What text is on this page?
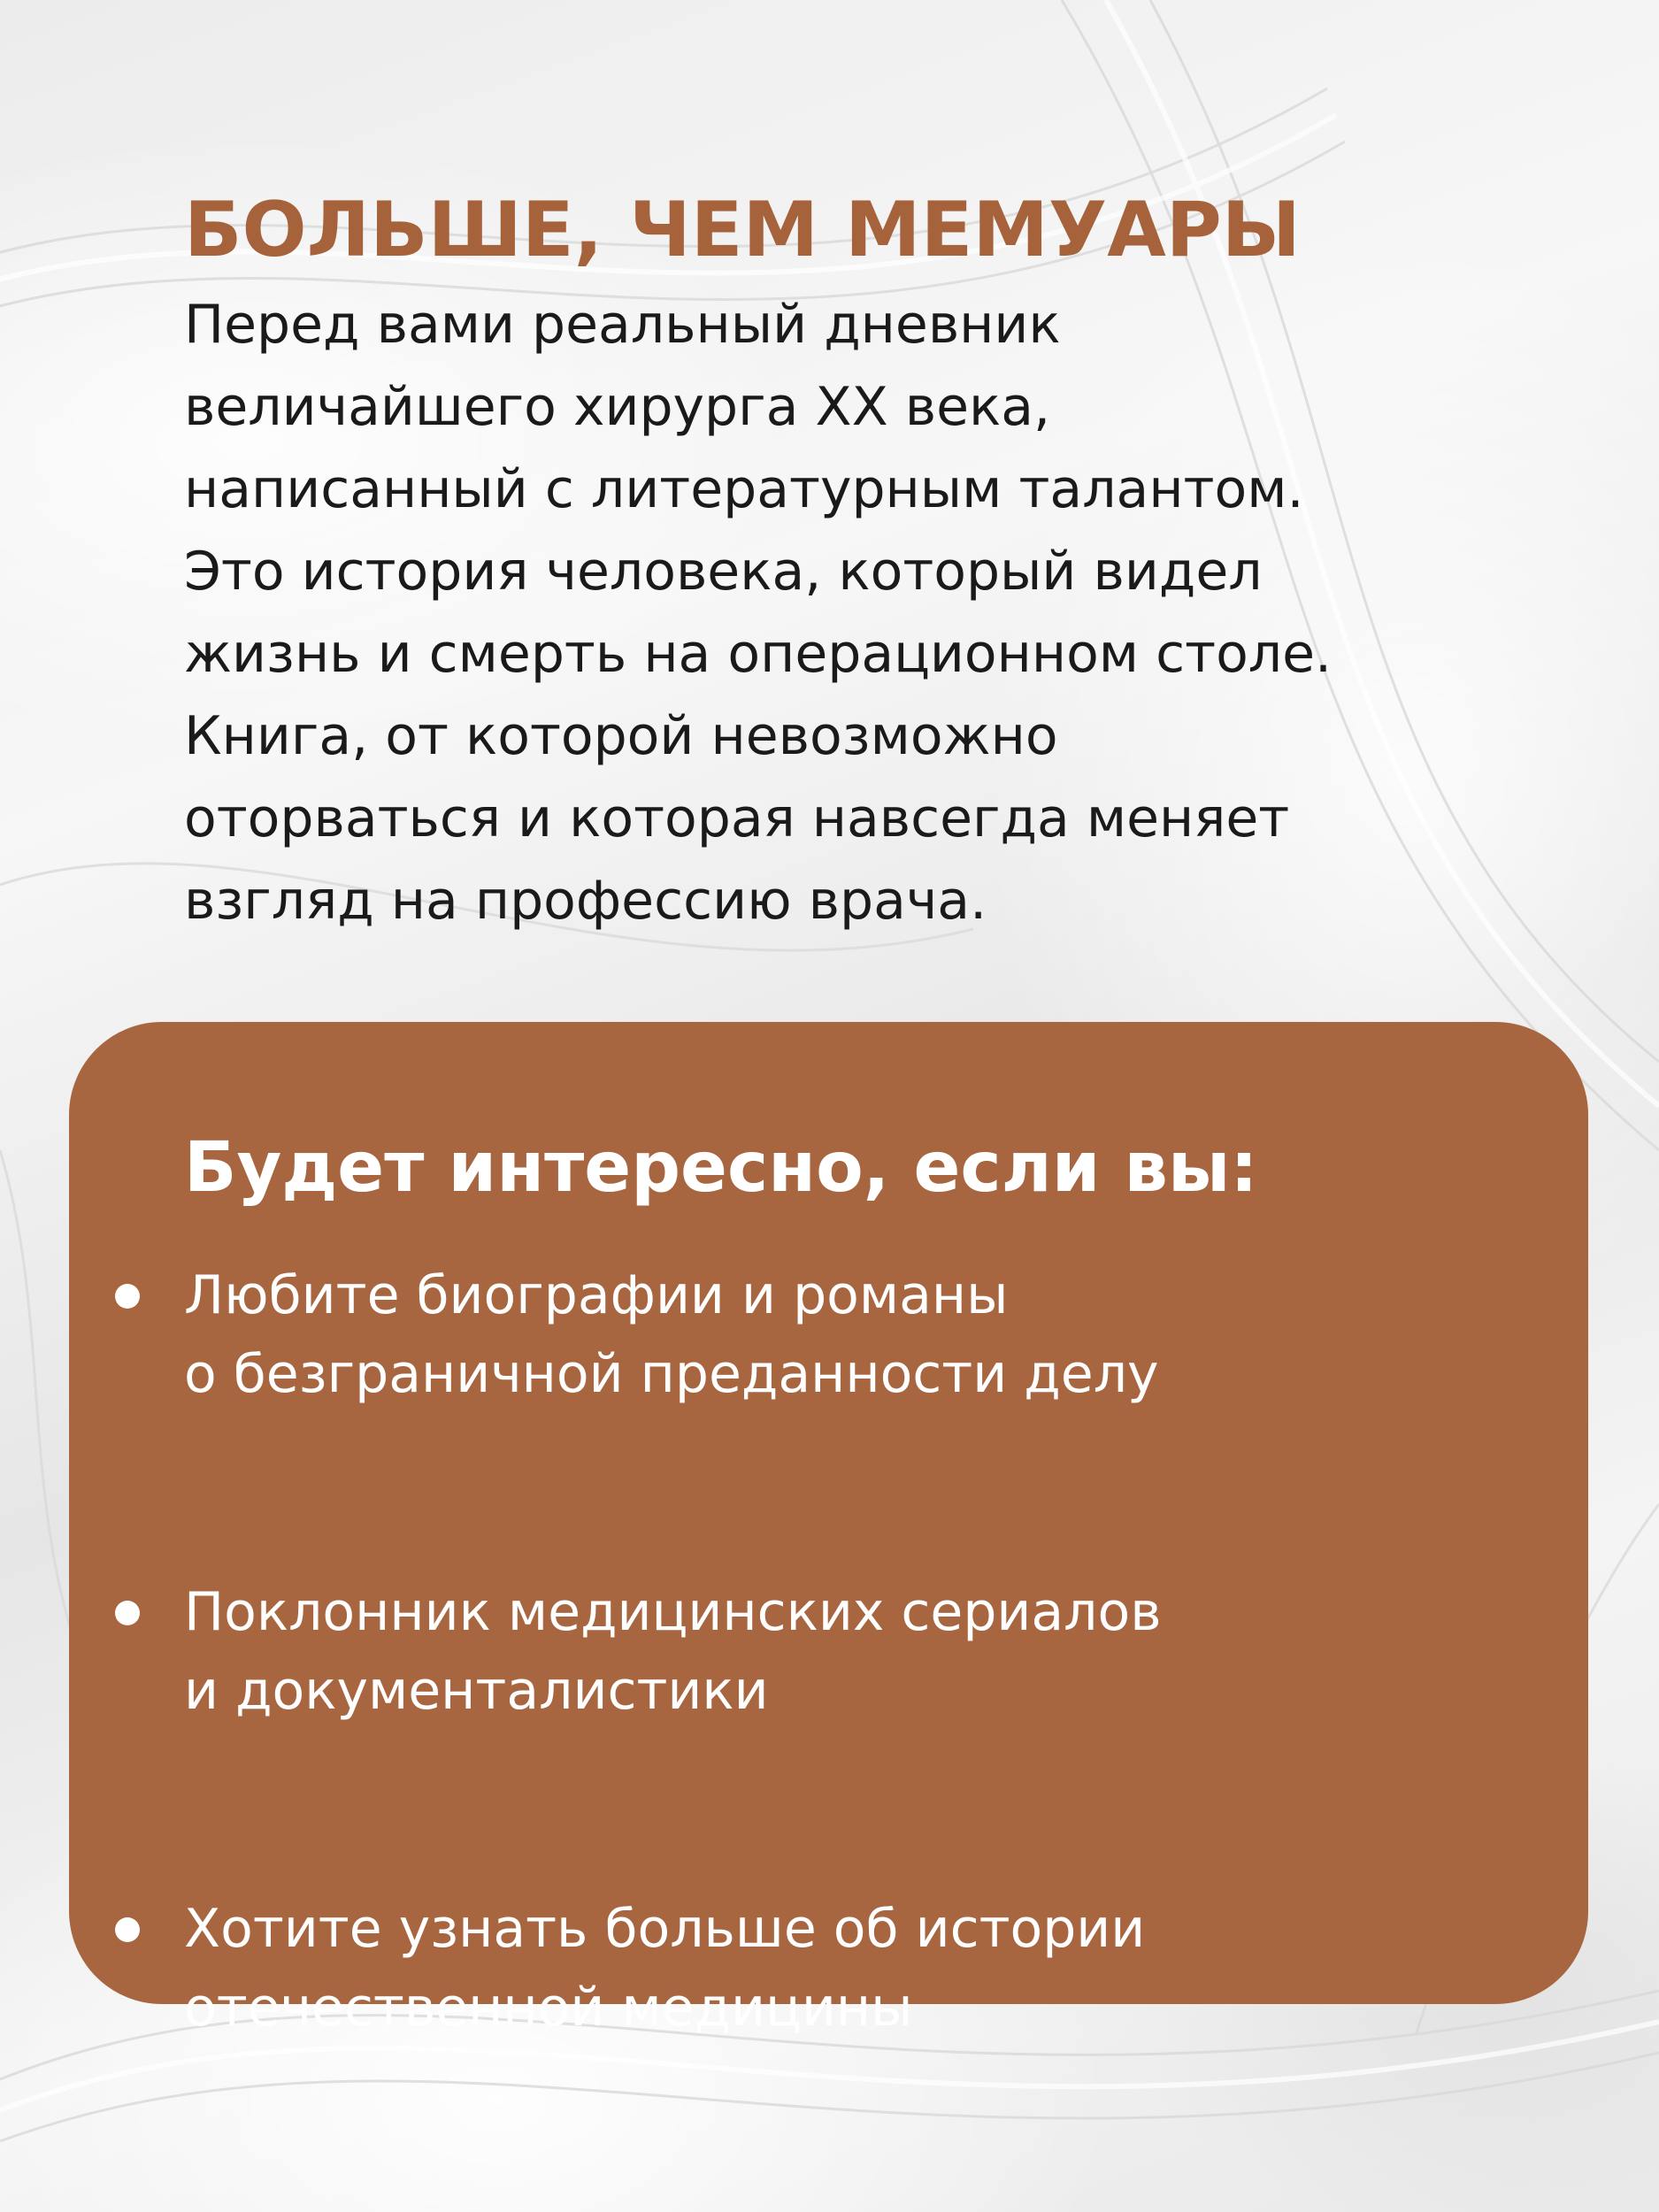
БОЛЬШЕ, ЧЕМ МЕМУАРЫ

Перед вами реальный дневник
величайшего хирурга XX века,
написанный с литературным талантом.
Это история человека, который видел
жизнь и смерть на операционном столе.
Книга, от которой невозможно
оторваться и которая навсегда меняет
взгляд на профессию врача.

Будет интересно, если вы:
Любите биографии и романы
о безграничной преданности делу
Поклонник медицинских сериалов
и документалистики
Хотите узнать больше об истории
отечественной медицины
